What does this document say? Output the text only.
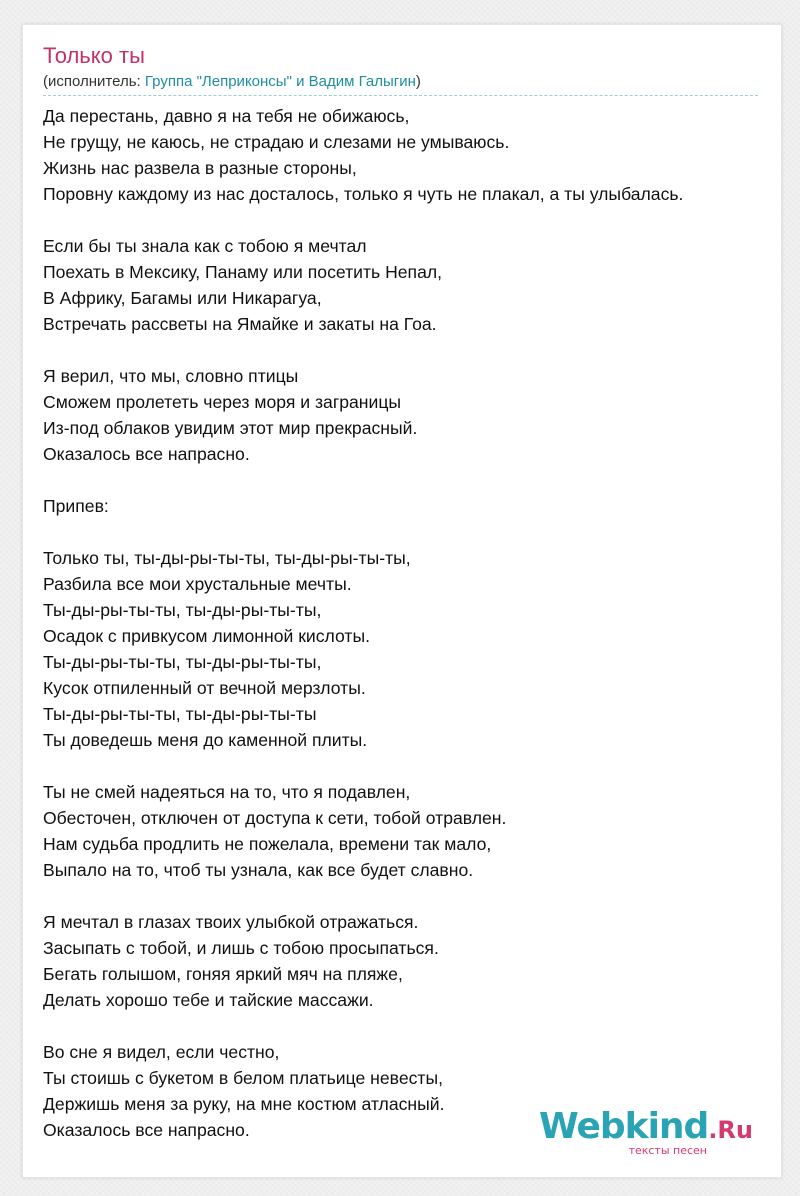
Только ты
(исполнитель: Группа "Леприконсы" и Вадим Галыгин)
Да перестань, давно я на тебя не обижаюсь,
Не грущу, не каюсь, не страдаю и слезами не умываюсь.
Жизнь нас развела в разные стороны,
Поровну каждому из нас досталось, только я чуть не плакал, а ты улыбалась.
Если бы ты знала как с тобою я мечтал
Поехать в Мексику, Панаму или посетить Непал,
В Африку, Багамы или Никарагуа,
Встречать рассветы на Ямайке и закаты на Гоа.
Я верил, что мы, словно птицы
Сможем пролететь через моря и заграницы
Из-под облаков увидим этот мир прекрасный.
Оказалось все напрасно.
Припев:
Только ты, ты-ды-ры-ты-ты, ты-ды-ры-ты-ты,
Разбила все мои хрустальные мечты.
Ты-ды-ры-ты-ты, ты-ды-ры-ты-ты,
Осадок с привкусом лимонной кислоты.
Ты-ды-ры-ты-ты, ты-ды-ры-ты-ты,
Кусок отпиленный от вечной мерзлоты.
Ты-ды-ры-ты-ты, ты-ды-ры-ты-ты
Ты доведешь меня до каменной плиты.
Ты не смей надеяться на то, что я подавлен,
Обесточен, отключен от доступа к сети, тобой отравлен.
Нам судьба продлить не пожелала, времени так мало,
Выпало на то, чтоб ты узнала, как все будет славно.
Я мечтал в глазах твоих улыбкой отражаться.
Засыпать с тобой, и лишь с тобою просыпаться.
Бегать голышом, гоняя яркий мяч на пляже,
Делать хорошо тебе и тайские массажи.
Во сне я видел, если честно,
Ты стоишь с букетом в белом платьице невесты,
Держишь меня за руку, на мне костюм атласный.
Оказалось все напрасно.	Webkind.Ru
тексты песен
